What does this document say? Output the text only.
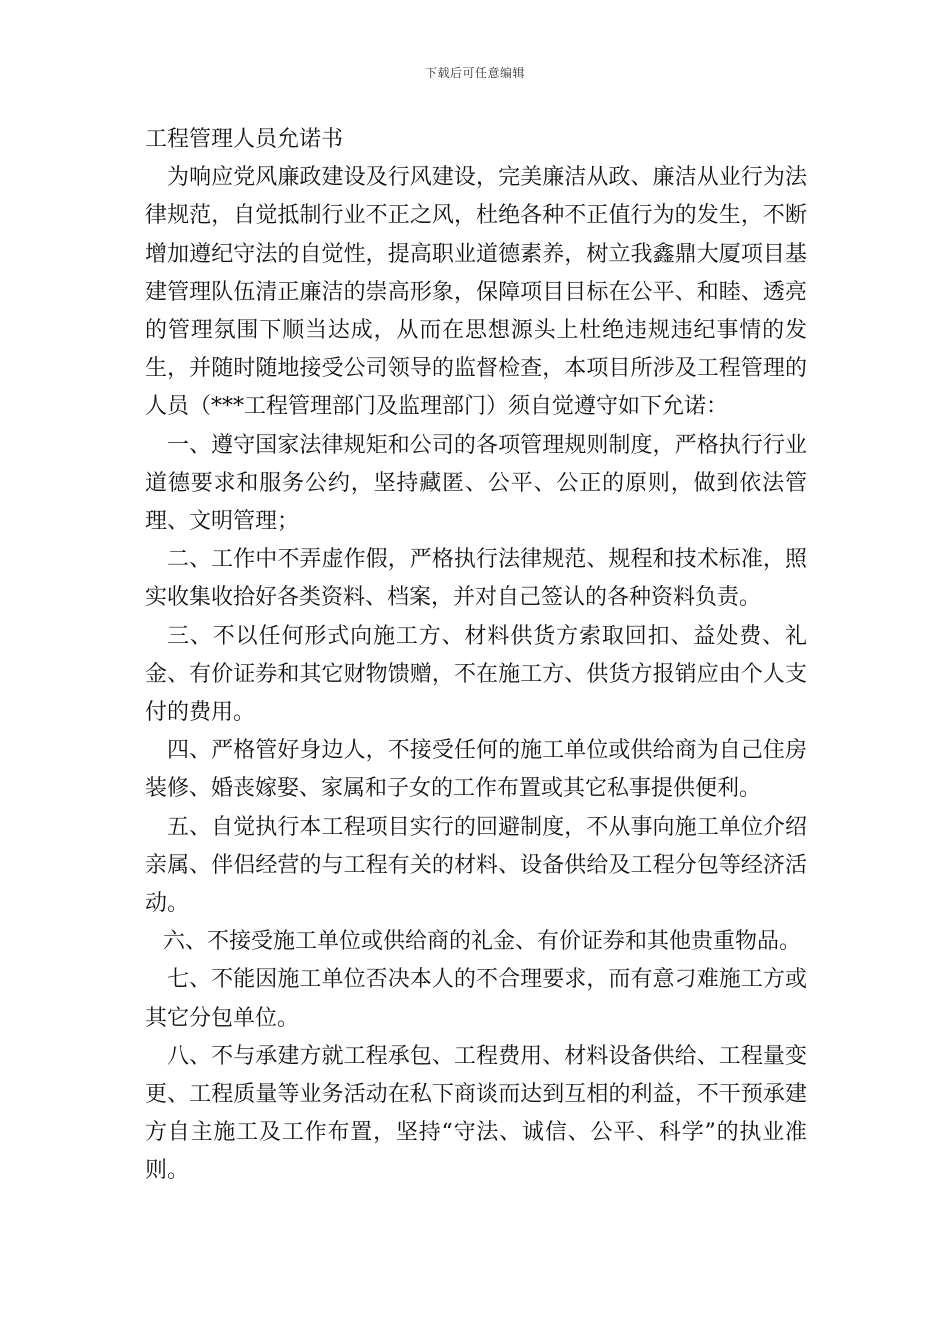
下载后可任意编辑

工程管理人员允诺书

为响应党风廉政建设及行风建设，完美廉洁从政、廉洁从业行为法律规范，自觉抵制行业不正之风，杜绝各种不正值行为的发生，不断增加遵纪守法的自觉性，提高职业道德素养，树立我鑫鼎大厦项目基建管理队伍清正廉洁的崇高形象，保障项目目标在公平、和睦、透亮的管理氛围下顺当达成，从而在思想源头上杜绝违规违纪事情的发生，并随时随地接受公司领导的监督检查，本项目所涉及工程管理的人员（***工程管理部门及监理部门）须自觉遵守如下允诺：

一、遵守国家法律规矩和公司的各项管理规则制度，严格执行行业道德要求和服务公约，坚持藏匿、公平、公正的原则，做到依法管理、文明管理；

二、工作中不弄虚作假，严格执行法律规范、规程和技术标准，照实收集收拾好各类资料、档案，并对自己签认的各种资料负责。

三、不以任何形式向施工方、材料供货方索取回扣、益处费、礼金、有价证券和其它财物馈赠，不在施工方、供货方报销应由个人支付的费用。

四、严格管好身边人，不接受任何的施工单位或供给商为自己住房装修、婚丧嫁娶、家属和子女的工作布置或其它私事提供便利。

五、自觉执行本工程项目实行的回避制度，不从事向施工单位介绍亲属、伴侣经营的与工程有关的材料、设备供给及工程分包等经济活动。

六、不接受施工单位或供给商的礼金、有价证券和其他贵重物品。

七、不能因施工单位否决本人的不合理要求，而有意刁难施工方或其它分包单位。

八、不与承建方就工程承包、工程费用、材料设备供给、工程量变更、工程质量等业务活动在私下商谈而达到互相的利益，不干预承建方自主施工及工作布置，坚持“守法、诚信、公平、科学”的执业准则。
